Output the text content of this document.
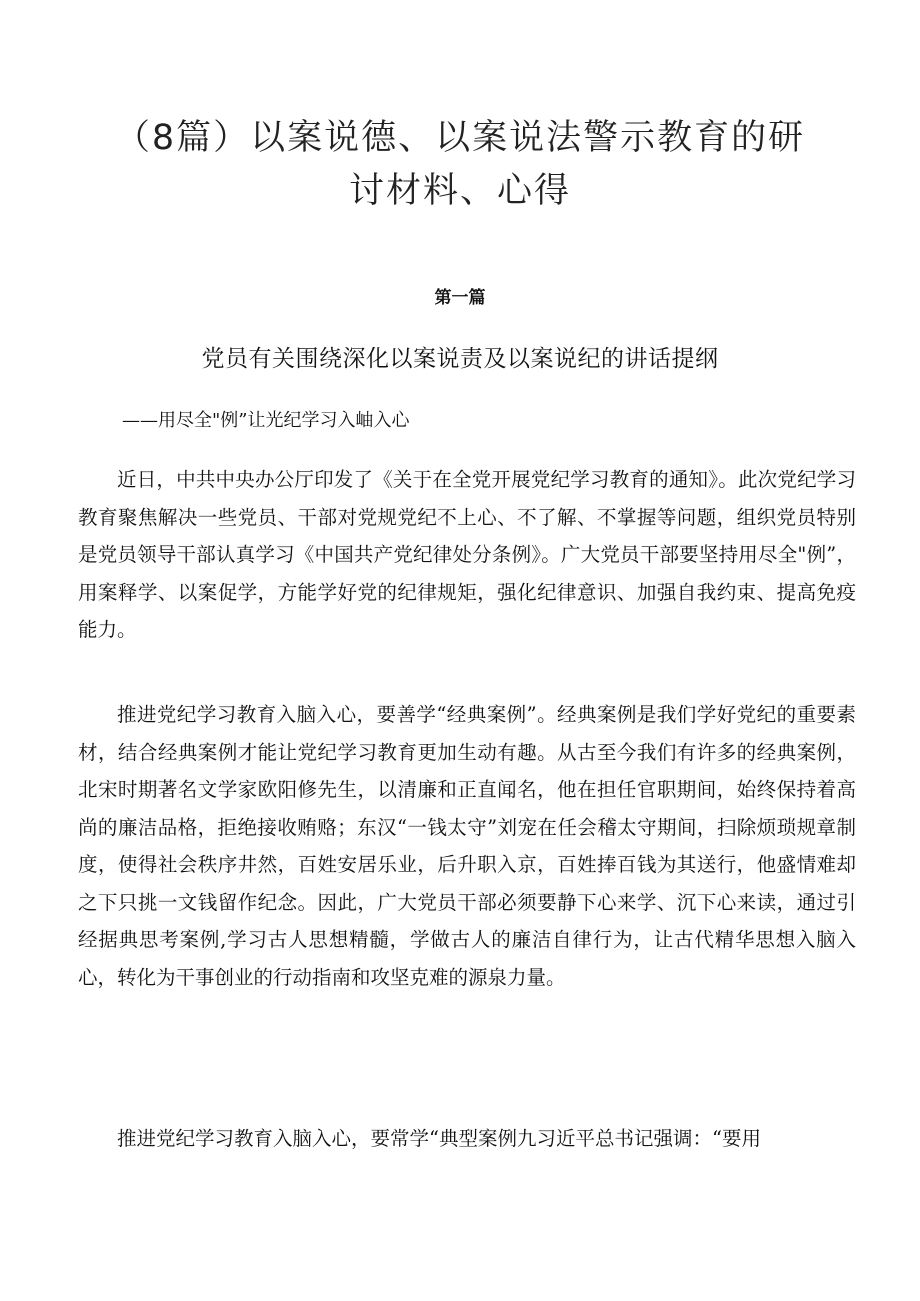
（8篇）以案说德、以案说法警示教育的研讨材料、心得
第一篇
党员有关围绕深化以案说责及以案说纪的讲话提纲
——用尽全"例”让光纪学习入岫入心

近日，中共中央办公厅印发了《关于在全党开展党纪学习教育的通知》。此次党纪学习教育聚焦解决一些党员、干部对党规党纪不上心、不了解、不掌握等问题，组织党员特别是党员领导干部认真学习《中国共产党纪律处分条例》。广大党员干部要坚持用尽全"例”，用案释学、以案促学，方能学好党的纪律规矩，强化纪律意识、加强自我约束、提高免疫能力。

推进党纪学习教育入脑入心，要善学“经典案例”。经典案例是我们学好党纪的重要素材，结合经典案例才能让党纪学习教育更加生动有趣。从古至今我们有许多的经典案例，北宋时期著名文学家欧阳修先生，以清廉和正直闻名，他在担任官职期间，始终保持着高尚的廉洁品格，拒绝接收贿赂；东汉“一钱太守”刘宠在任会稽太守期间，扫除烦琐规章制度，使得社会秩序井然，百姓安居乐业，后升职入京，百姓捧百钱为其送行，他盛情难却之下只挑一文钱留作纪念。因此，广大党员干部必须要静下心来学、沉下心来读，通过引经据典思考案例,学习古人思想精髓，学做古人的廉洁自律行为，让古代精华思想入脑入心，转化为干事创业的行动指南和攻坚克难的源泉力量。

推进党纪学习教育入脑入心，要常学“典型案例九习近平总书记强调：“要用
